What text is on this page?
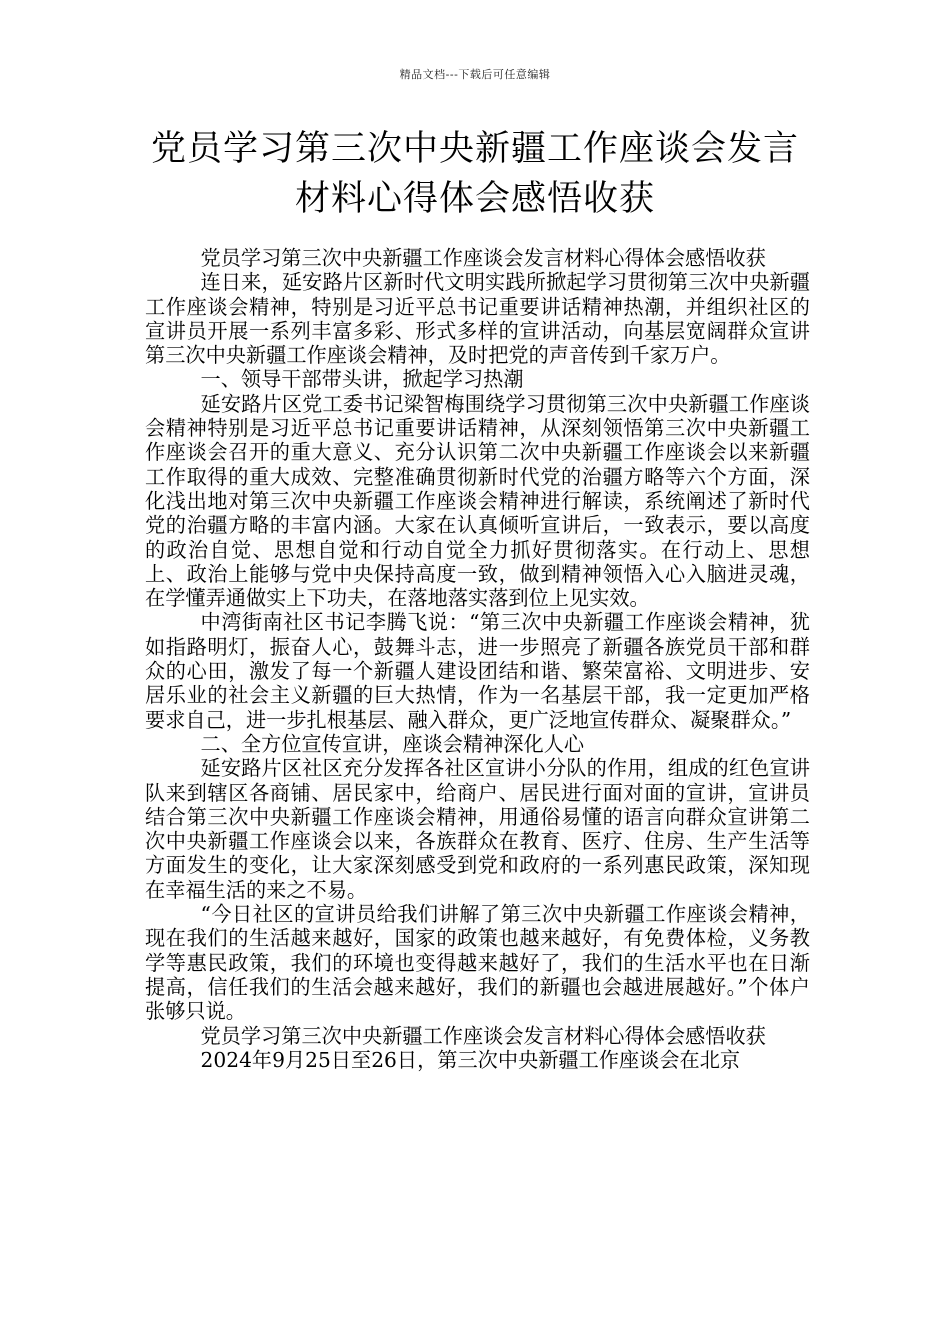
精品文档---下载后可任意编辑
党员学习第三次中央新疆工作座谈会发言
材料心得体会感悟收获

党员学习第三次中央新疆工作座谈会发言材料心得体会感悟收获

连日来，延安路片区新时代文明实践所掀起学习贯彻第三次中央新疆工作座谈会精神，特别是习近平总书记重要讲话精神热潮，并组织社区的宣讲员开展一系列丰富多彩、形式多样的宣讲活动，向基层宽阔群众宣讲第三次中央新疆工作座谈会精神，及时把党的声音传到千家万户。

一、领导干部带头讲，掀起学习热潮

延安路片区党工委书记梁智梅围绕学习贯彻第三次中央新疆工作座谈会精神特别是习近平总书记重要讲话精神，从深刻领悟第三次中央新疆工作座谈会召开的重大意义、充分认识第二次中央新疆工作座谈会以来新疆工作取得的重大成效、完整准确贯彻新时代党的治疆方略等六个方面，深化浅出地对第三次中央新疆工作座谈会精神进行解读，系统阐述了新时代党的治疆方略的丰富内涵。大家在认真倾听宣讲后，一致表示，要以高度的政治自觉、思想自觉和行动自觉全力抓好贯彻落实。在行动上、思想上、政治上能够与党中央保持高度一致，做到精神领悟入心入脑进灵魂，在学懂弄通做实上下功夫，在落地落实落到位上见实效。

中湾街南社区书记李腾飞说：“第三次中央新疆工作座谈会精神，犹如指路明灯，振奋人心，鼓舞斗志，进一步照亮了新疆各族党员干部和群众的心田，激发了每一个新疆人建设团结和谐、繁荣富裕、文明进步、安居乐业的社会主义新疆的巨大热情，作为一名基层干部，我一定更加严格要求自己，进一步扎根基层、融入群众，更广泛地宣传群众、凝聚群众。”

二、全方位宣传宣讲，座谈会精神深化人心

延安路片区社区充分发挥各社区宣讲小分队的作用，组成的红色宣讲队来到辖区各商铺、居民家中，给商户、居民进行面对面的宣讲，宣讲员结合第三次中央新疆工作座谈会精神，用通俗易懂的语言向群众宣讲第二次中央新疆工作座谈会以来，各族群众在教育、医疗、住房、生产生活等方面发生的变化，让大家深刻感受到党和政府的一系列惠民政策，深知现在幸福生活的来之不易。

“今日社区的宣讲员给我们讲解了第三次中央新疆工作座谈会精神，现在我们的生活越来越好，国家的政策也越来越好，有免费体检，义务教学等惠民政策，我们的环境也变得越来越好了，我们的生活水平也在日渐提高，信任我们的生活会越来越好，我们的新疆也会越进展越好。”个体户张够只说。

党员学习第三次中央新疆工作座谈会发言材料心得体会感悟收获

2024年9月25日至26日，第三次中央新疆工作座谈会在北京
